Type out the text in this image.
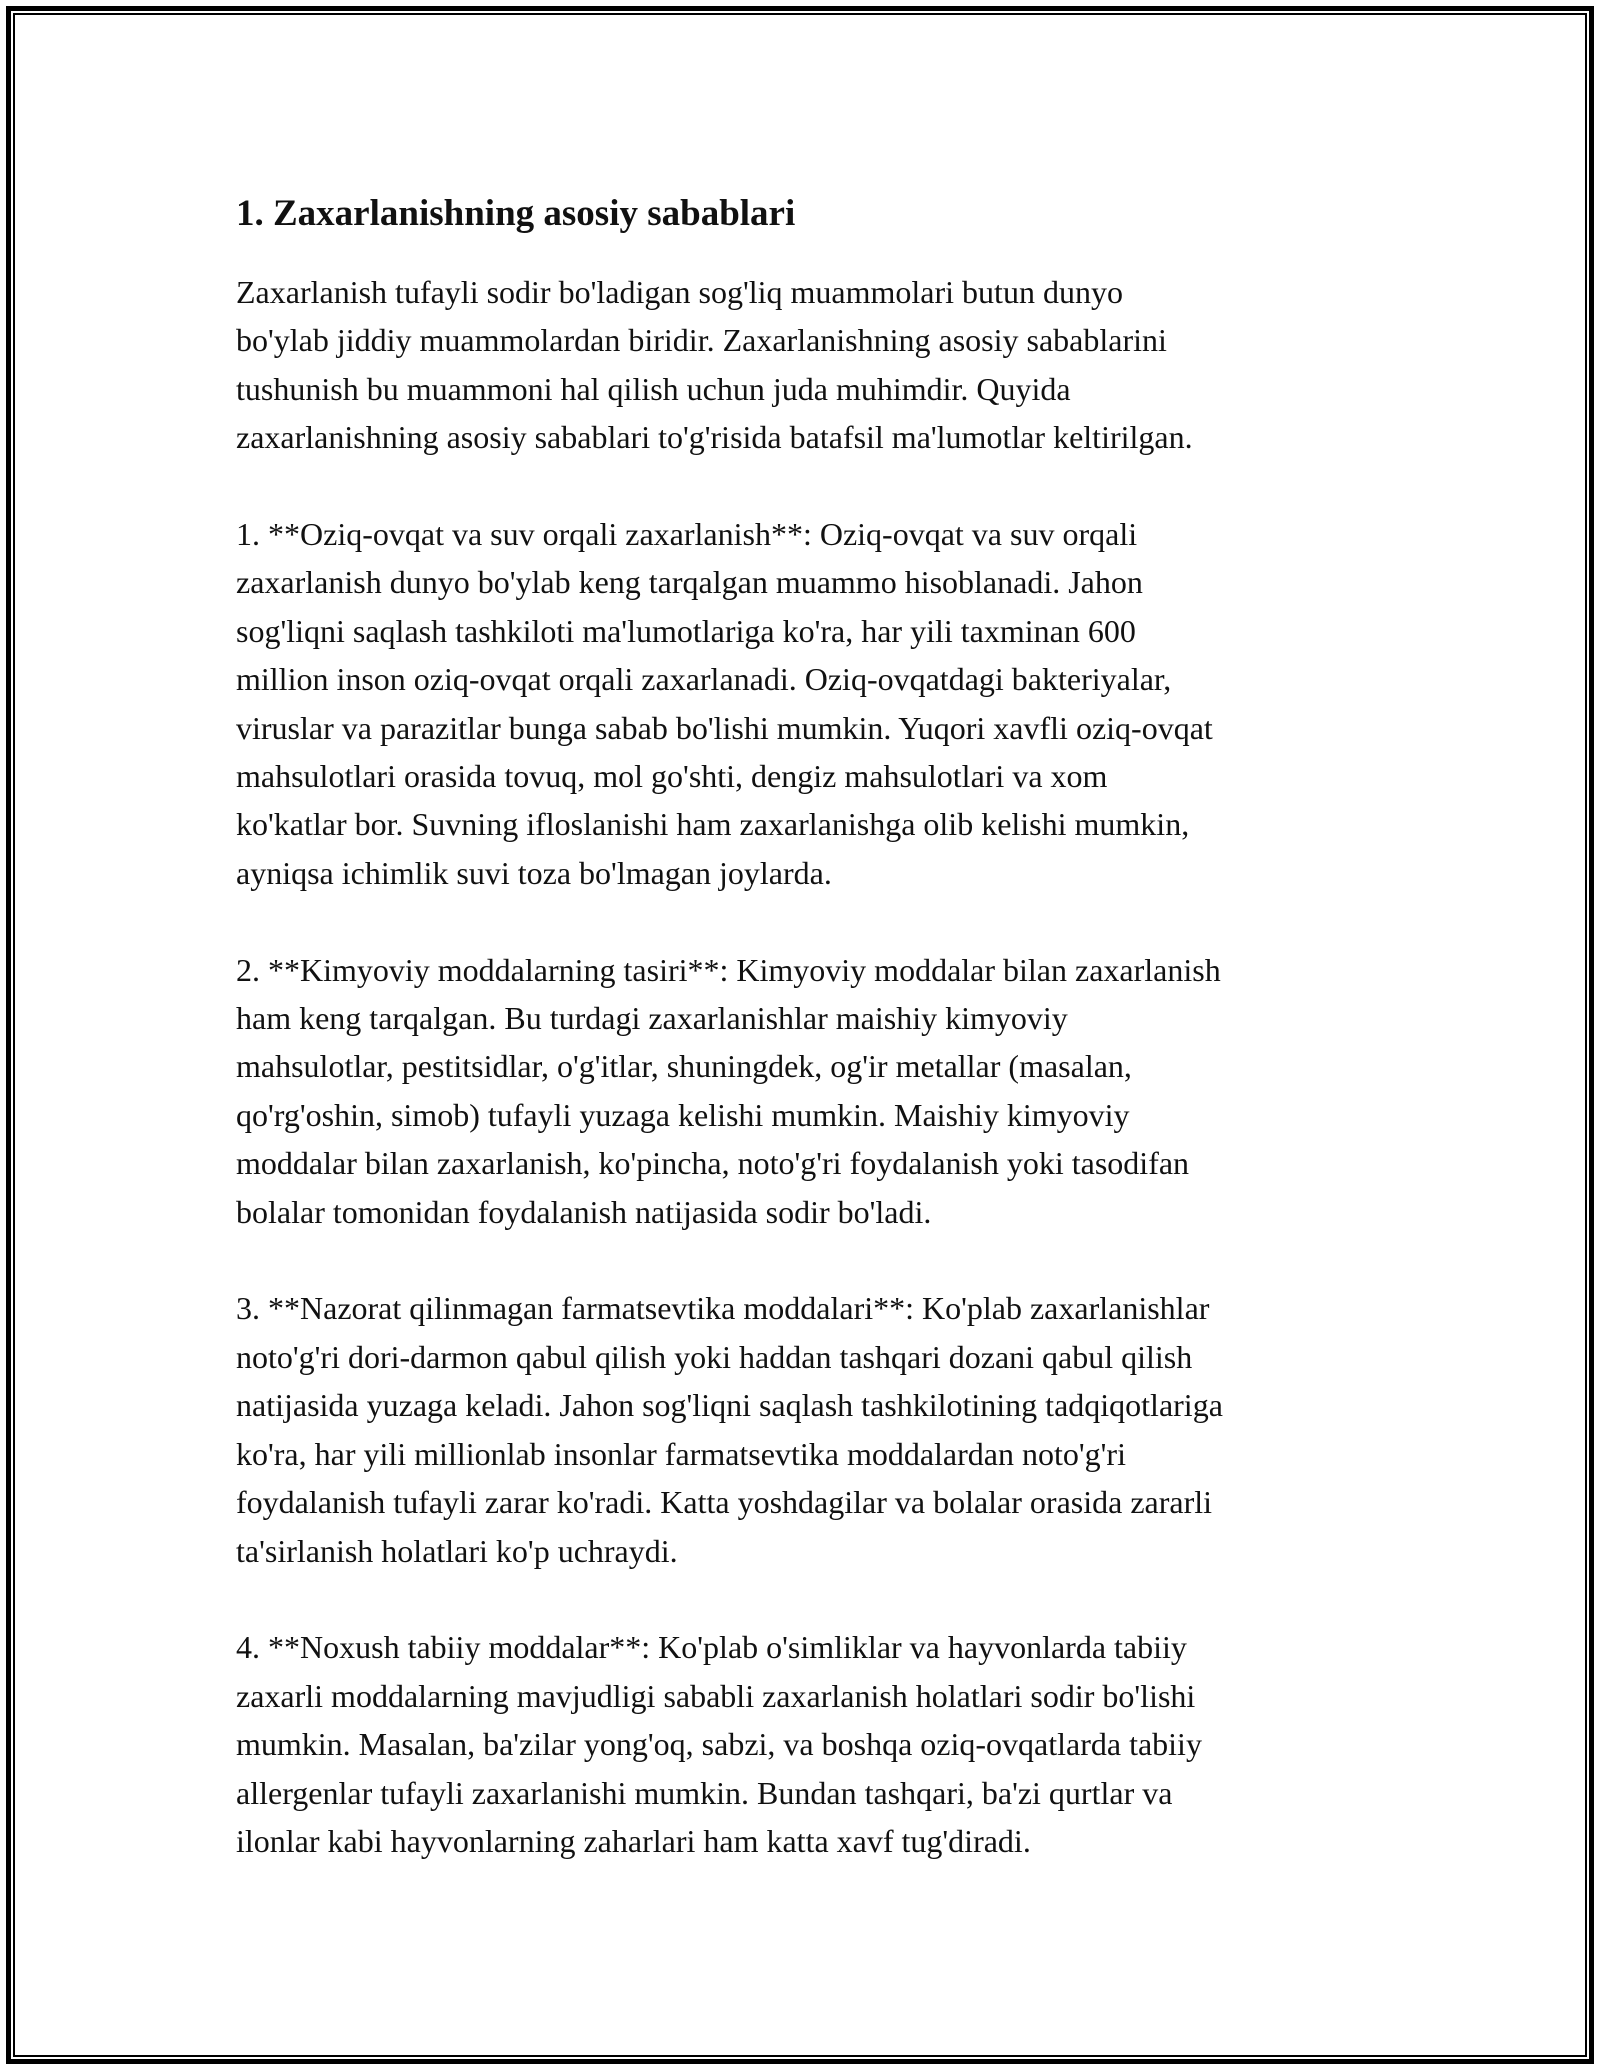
1. Zaxarlanishning asosiy sabablari

Zaxarlanish tufayli sodir bo'ladigan sog'liq muammolari butun dunyo
bo'ylab jiddiy muammolardan biridir. Zaxarlanishning asosiy sabablarini
tushunish bu muammoni hal qilish uchun juda muhimdir. Quyida
zaxarlanishning asosiy sabablari to'g'risida batafsil ma'lumotlar keltirilgan.

1. **Oziq-ovqat va suv orqali zaxarlanish**: Oziq-ovqat va suv orqali
zaxarlanish dunyo bo'ylab keng tarqalgan muammo hisoblanadi. Jahon
sog'liqni saqlash tashkiloti ma'lumotlariga ko'ra, har yili taxminan 600
million inson oziq-ovqat orqali zaxarlanadi. Oziq-ovqatdagi bakteriyalar,
viruslar va parazitlar bunga sabab bo'lishi mumkin. Yuqori xavfli oziq-ovqat
mahsulotlari orasida tovuq, mol go'shti, dengiz mahsulotlari va xom
ko'katlar bor. Suvning ifloslanishi ham zaxarlanishga olib kelishi mumkin,
ayniqsa ichimlik suvi toza bo'lmagan joylarda.

2. **Kimyoviy moddalarning tasiri**: Kimyoviy moddalar bilan zaxarlanish
ham keng tarqalgan. Bu turdagi zaxarlanishlar maishiy kimyoviy
mahsulotlar, pestitsidlar, o'g'itlar, shuningdek, og'ir metallar (masalan,
qo'rg'oshin, simob) tufayli yuzaga kelishi mumkin. Maishiy kimyoviy
moddalar bilan zaxarlanish, ko'pincha, noto'g'ri foydalanish yoki tasodifan
bolalar tomonidan foydalanish natijasida sodir bo'ladi.

3. **Nazorat qilinmagan farmatsevtika moddalari**: Ko'plab zaxarlanishlar
noto'g'ri dori-darmon qabul qilish yoki haddan tashqari dozani qabul qilish
natijasida yuzaga keladi. Jahon sog'liqni saqlash tashkilotining tadqiqotlariga
ko'ra, har yili millionlab insonlar farmatsevtika moddalardan noto'g'ri
foydalanish tufayli zarar ko'radi. Katta yoshdagilar va bolalar orasida zararli
ta'sirlanish holatlari ko'p uchraydi.

4. **Noxush tabiiy moddalar**: Ko'plab o'simliklar va hayvonlarda tabiiy
zaxarli moddalarning mavjudligi sababli zaxarlanish holatlari sodir bo'lishi
mumkin. Masalan, ba'zilar yong'oq, sabzi, va boshqa oziq-ovqatlarda tabiiy
allergenlar tufayli zaxarlanishi mumkin. Bundan tashqari, ba'zi qurtlar va
ilonlar kabi hayvonlarning zaharlari ham katta xavf tug'diradi.
